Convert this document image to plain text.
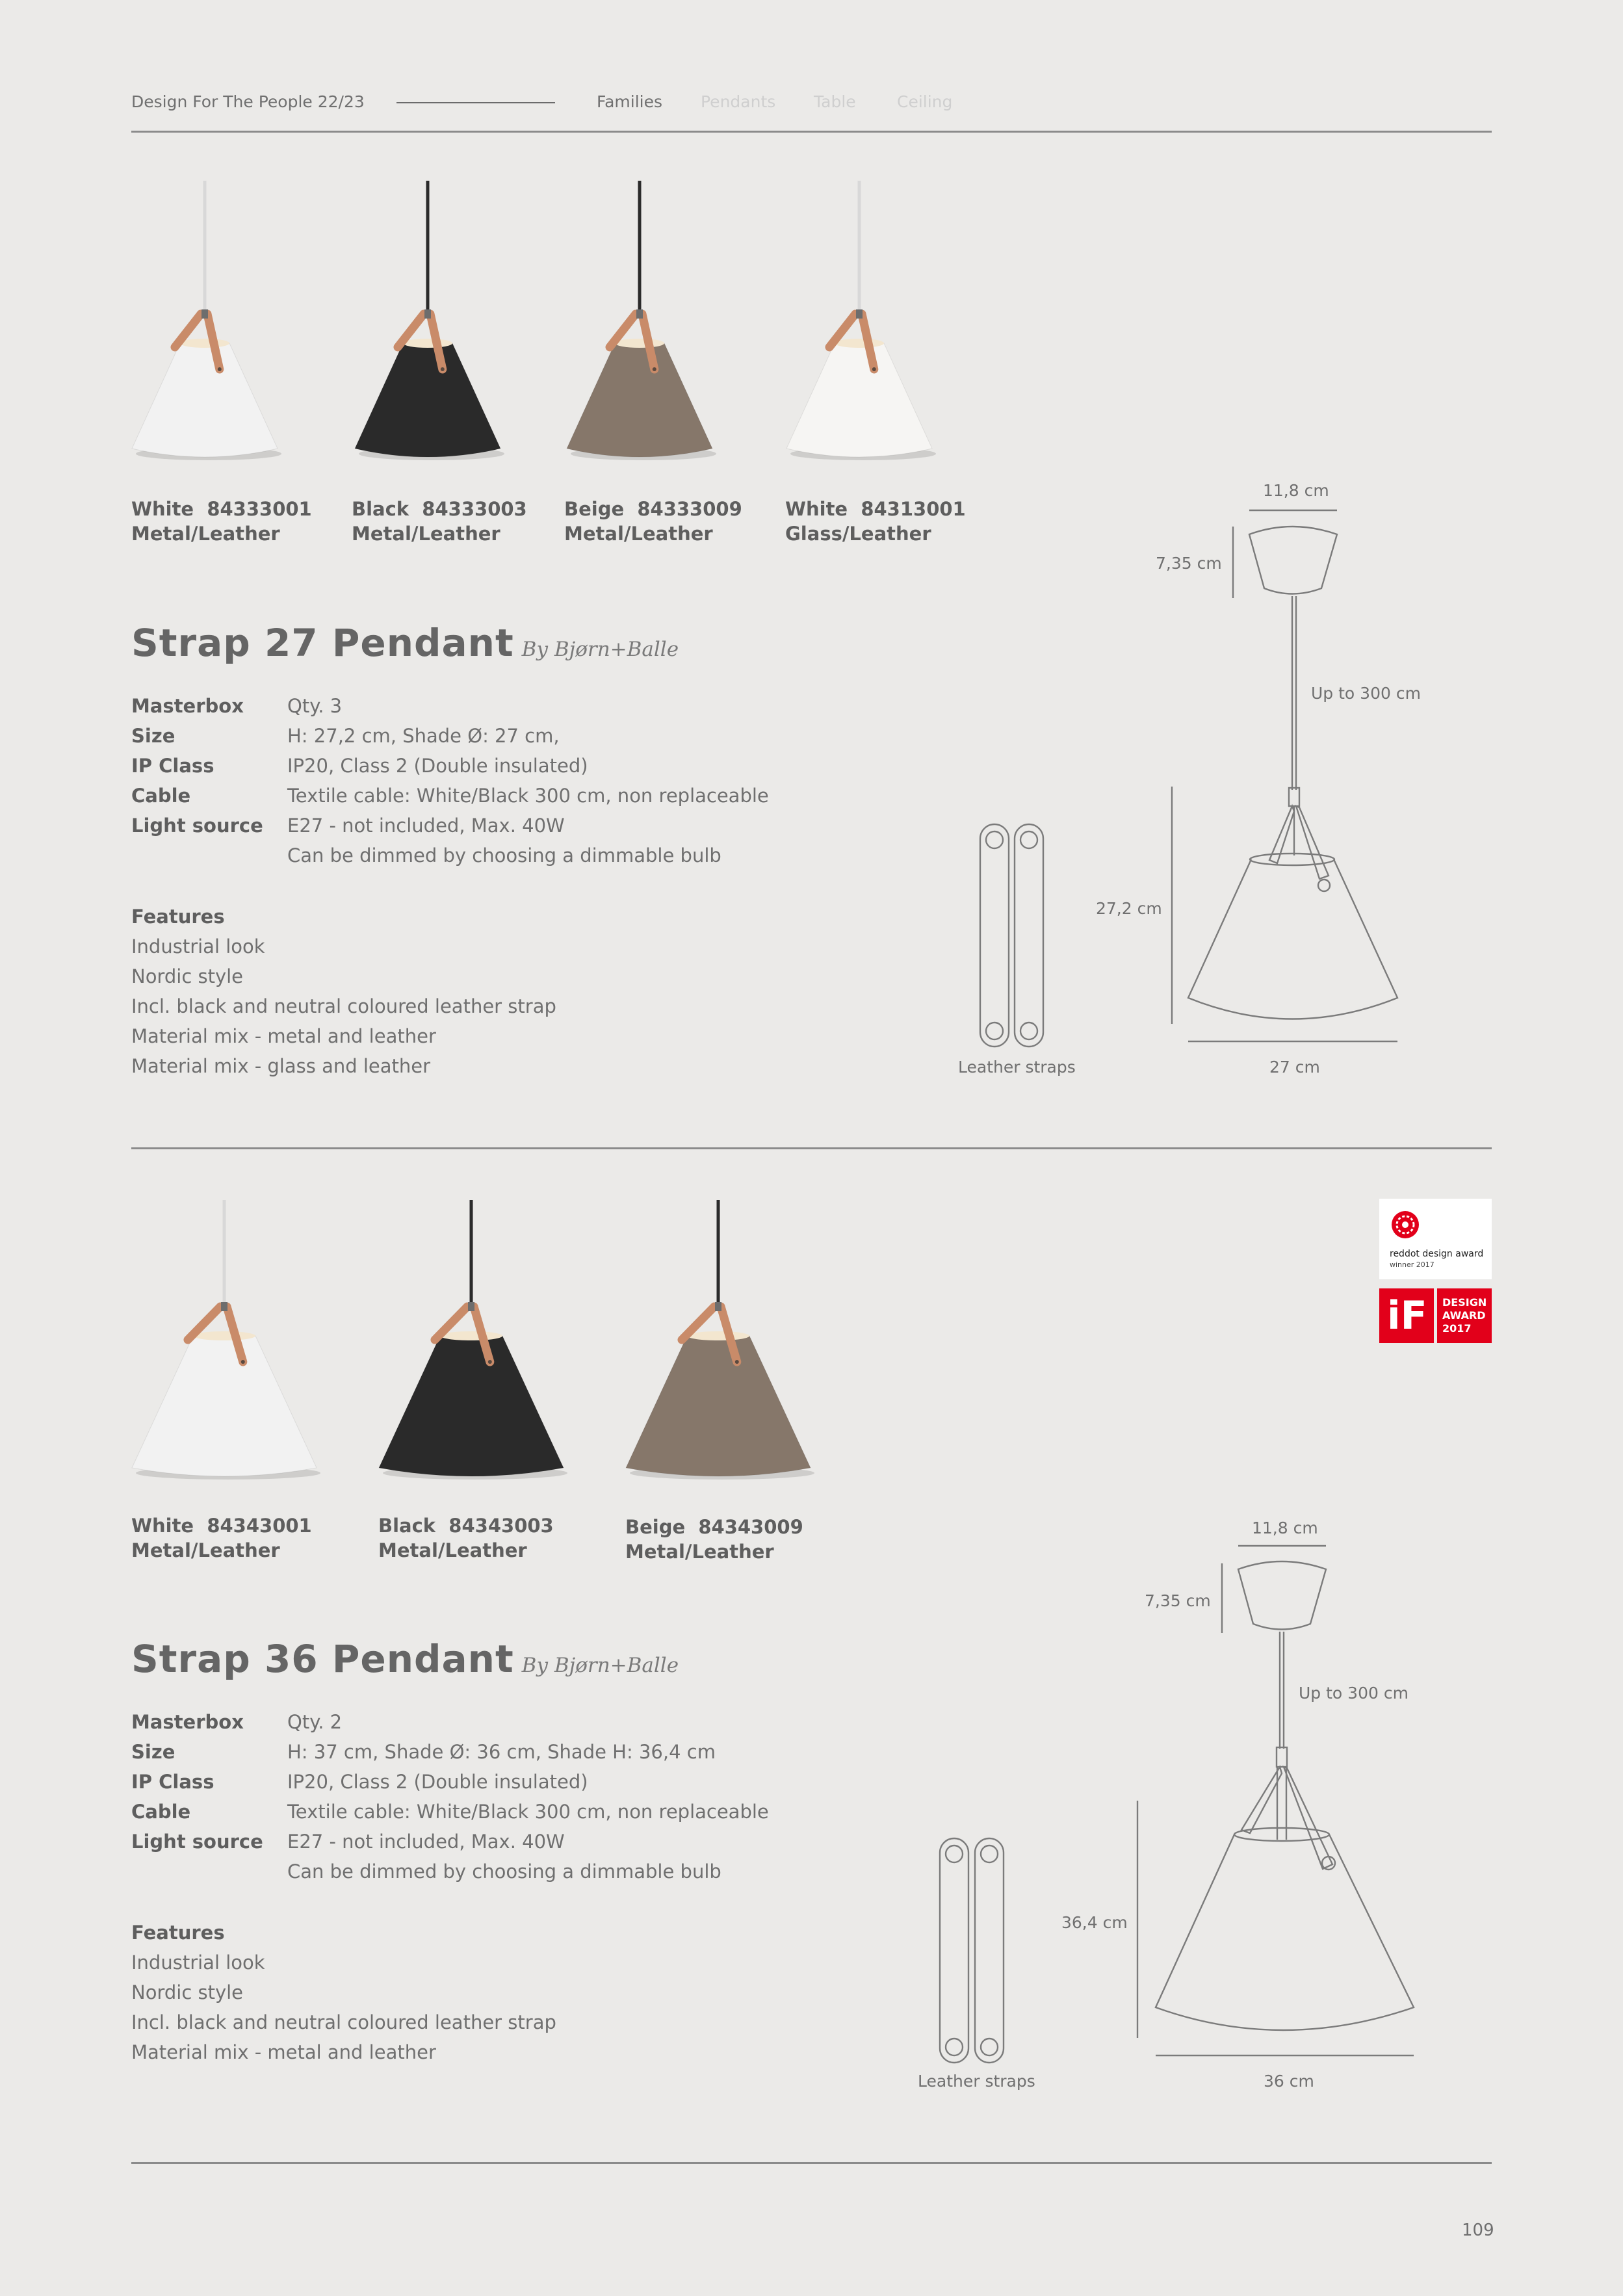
Design For The People 22/23	Families Pendants Table	Ceiling
White 84333001
Metal/Leather
Black 84333003
Metal/Leather
Beige 84333009
Metal/Leather
White 84313001
Glass/Leather
Strap 27 Pendant By Bjørn+Balle
Masterbox Qty. 3
Size	H: 27,2 cm, Shade Ø: 27 cm,
IP Class	IP20, Class 2 (Double insulated)
Cable	Textile cable: White/Black 300 cm, non replaceable
Light source E27 - not included, Max. 40W
Can be dimmed by choosing a dimmable bulb
Features
Industrial look
Nordic style
Incl. black and neutral coloured leather strap
Material mix - metal and leather
Material mix - glass and leather
11,8 cm
7,35 cm
Up to 300 cm
27,2 cm
27 cm
Leather straps
reddot design award
winner 2017
iF DESIGN
AWARD
2017
White 84343001
Metal/Leather
Black 84343003
Metal/Leather
Beige 84343009
Metal/Leather
Strap 36 Pendant By Bjørn+Balle
Masterbox Qty. 2
Size	H: 37 cm, Shade Ø: 36 cm, Shade H: 36,4 cm
IP Class	IP20, Class 2 (Double insulated)
Cable	Textile cable: White/Black 300 cm, non replaceable
Light source E27 - not included, Max. 40W
Can be dimmed by choosing a dimmable bulb
Features
Industrial look
Nordic style
Incl. black and neutral coloured leather strap
Material mix - metal and leather
11,8 cm
7,35 cm
Up to 300 cm
36,4 cm
36 cm
Leather straps
109
